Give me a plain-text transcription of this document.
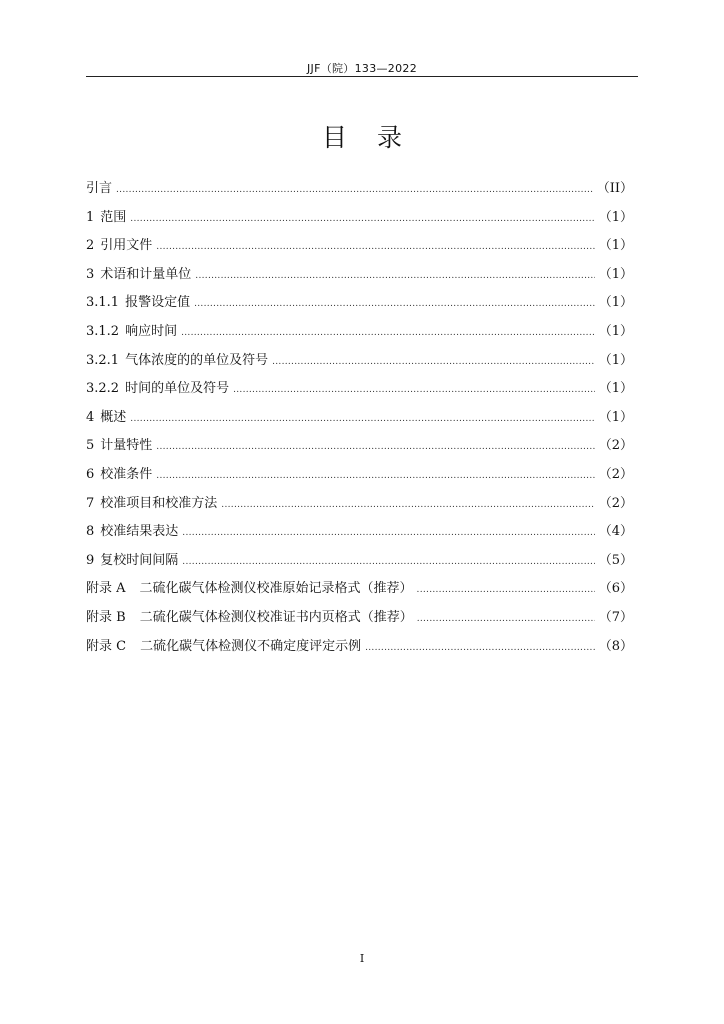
JJF（院）133—2022
目 录
引言 .....	（II）
1 范围 .....	（1）
2 引用文件 .....	（1）
3 术语和计量单位 .....	（1）
3.1.1 报警设定值 .....	（1）
3.1.2 响应时间 .....	（1）
3.2.1 气体浓度的的单位及符号 .....	（1）
3.2.2 时间的单位及符号 .....	（1）
4 概述 .....	（1）
5 计量特性 .....	（2）
6 校准条件 .....	（2）
7 校准项目和校准方法 .....	（2）
8 校准结果表达 .....	（4）
9 复校时间间隔 .....	（5）
附录 A 二硫化碳气体检测仪校准原始记录格式（推荐） .....	（6）
附录 B 二硫化碳气体检测仪校准证书内页格式（推荐） .....	（7）
附录 C 二硫化碳气体检测仪不确定度评定示例 .....	（8）
I
